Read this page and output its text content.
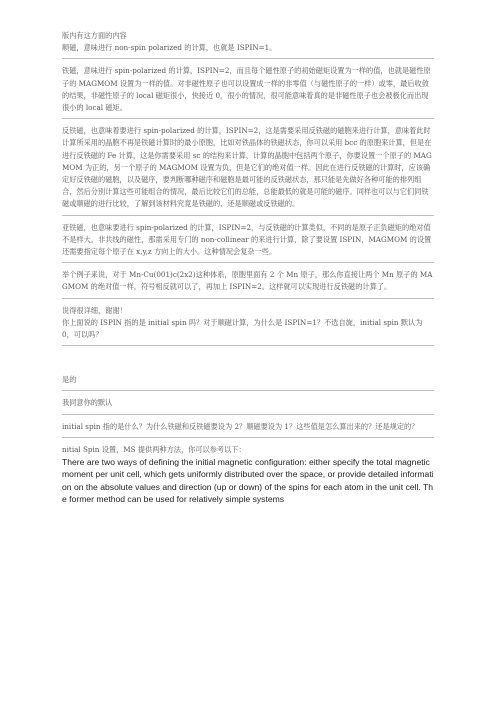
版内有这方面的内容

顺磁，意味进行 non-spin polarized 的计算，也就是 ISPIN=1。

铁磁，意味进行 spin-polarized 的计算，ISPIN=2，而且每个磁性原子的初始磁矩设置为一样的值，也就是磁性原子的 MAGMOM 设置为一样的值。对非磁性原子也可以设置成一样的非零值（与磁性原子的一样）或零，最后收敛的结果，非磁性原子的 local 磁矩很小，快接近 0，很小的情况，很可能意味着真的是非磁性原子也会被极化而出现很小的 local 磁矩。

反铁磁，也意味着要进行 spin-polarized 的计算，ISPIN=2，这是需要采用反铁磁的磁胞来进行计算，意味着此时计算所采用的晶胞不再是铁磁计算时的最小原胞，比如对铁晶体的铁磁状态，你可以采用 bcc 的原胞来计算，但是在进行反铁磁的 Fe 计算，这是你需要采用 sc 的结构来计算，计算的晶胞中包括两个原子，你要设置一个原子的 MAGMOM 为正的，另一个原子的 MAGMOM 设置为负，但是它们的绝对值一样。因此在进行反铁磁的计算时，应该确定好反铁磁的磁胞，以及磁序，要判断哪种磁序和磁胞是最可能的反铁磁状态，那只能是先做好各种可能的排列组合，然后分别计算这些可能组合的情况，最后比较它们的总能，总能最低的就是可能的磁序。同样也可以与它们同铁磁或顺磁的进行比较，了解到该材料究竟是铁磁的、还是顺磁或反铁磁的。

亚铁磁，也意味要进行 spin-polarized 的计算，ISPIN=2，与反铁磁的计算类似，不同的是原子正负磁矩的绝对值不是样大。非共线的磁性，那需采用专门的 non-collinear 的来进行计算，除了要设置 ISPIN，MAGMOM 的设置还需要指定每个原子在 x,y,z 方向上的大小。这种情况会复杂一些。

举个例子来说，对于 Mn-Cu(001)c(2x2)这种体系，原胞里面有 2 个 Mn 原子，那么你直接让两个 Mn 原子的 MAGMOM 的绝对值一样，符号相反就可以了，再加上 ISPIN=2。这样就可以实现进行反铁磁的计算了。

说得很详细，谢谢！

你上面说的 ISPIN 指的是 initial spin 吗？对于顺磁计算，为什么是 ISPIN=1？不选自旋，initial spin 默认为 0，可以吗？

是的

我同意你的默认

initial spin 指的是什么？为什么铁磁和反铁磁要设为 2？顺磁要设为 1？这些值是怎么算出来的？还是规定的？

nitial Spin 设置，MS 提供两种方法，你可以参考以下：

There are two ways of defining the initial magnetic configuration: either specify the total magnetic moment per unit cell, which gets uniformly distributed over the space, or provide detailed information on the absolute values and direction (up or down) of the spins for each atom in the unit cell. The former method can be used for relatively simple systems
